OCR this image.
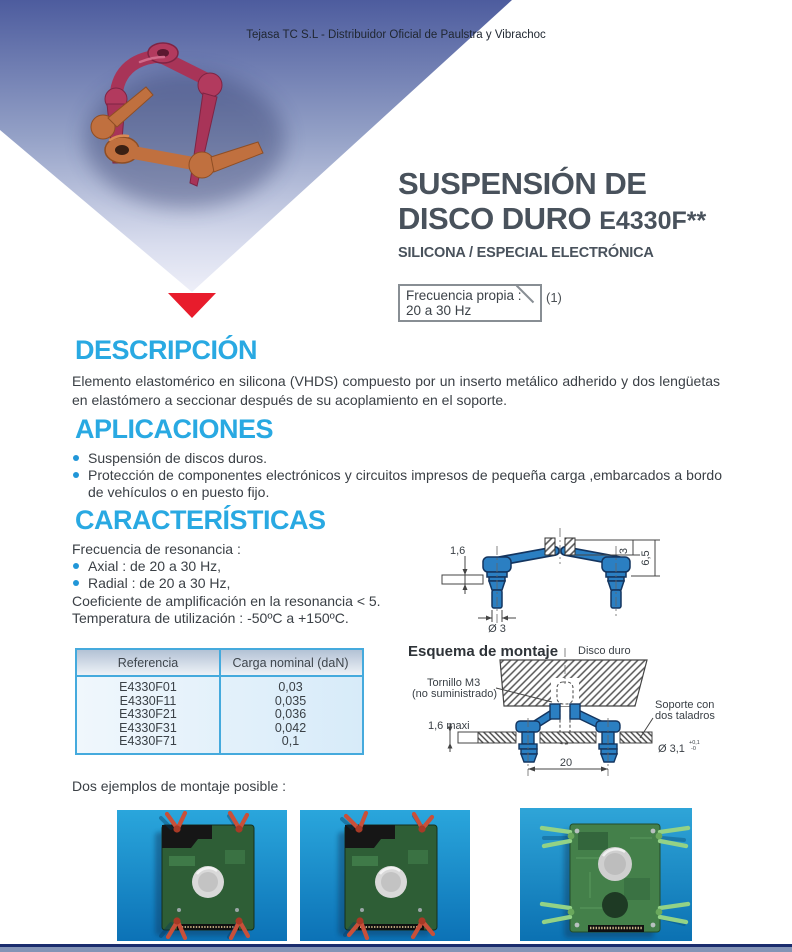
Tejasa TC S.L - Distribuidor Oficial de Paulstra y Vibrachoc
SUSPENSIÓN DE
DISCO DURO E4330F**
SILICONA / ESPECIAL ELECTRÓNICA
Frecuencia propia :
20 a 30 Hz
(1)
DESCRIPCIÓN
Elemento elastomérico en silicona (VHDS) compuesto por un inserto metálico adherido y dos lengüetas en elastómero a seccionar después de su acoplamiento en el soporte.
APLICACIONES
Suspensión de discos duros.
Protección de componentes electrónicos y circuitos impresos de pequeña carga ,embarcados a bordo de vehículos o en puesto fijo.
CARACTERÍSTICAS
Frecuencia de resonancia :
Axial : de 20 a 30 Hz,
Radial : de 20 a 30 Hz,
Coeficiente de amplificación en la resonancia < 5.
Temperatura de utilización : -50ºC a +150ºC.
Referencia	Carga nominal (daN)
E4330F01	0,03
E4330F11	0,035
E4330F21	0,036
E4330F31	0,042
E4330F71	0,1
1,6	3 6,5
Ø 3
Esquema de montaje Disco duro
1,6 maxi
Tornillo M3
(no suministrado)
Soporte con
dos taladros
Ø 3,1 +0,1
-0
20
Dos ejemplos de montaje posible :
